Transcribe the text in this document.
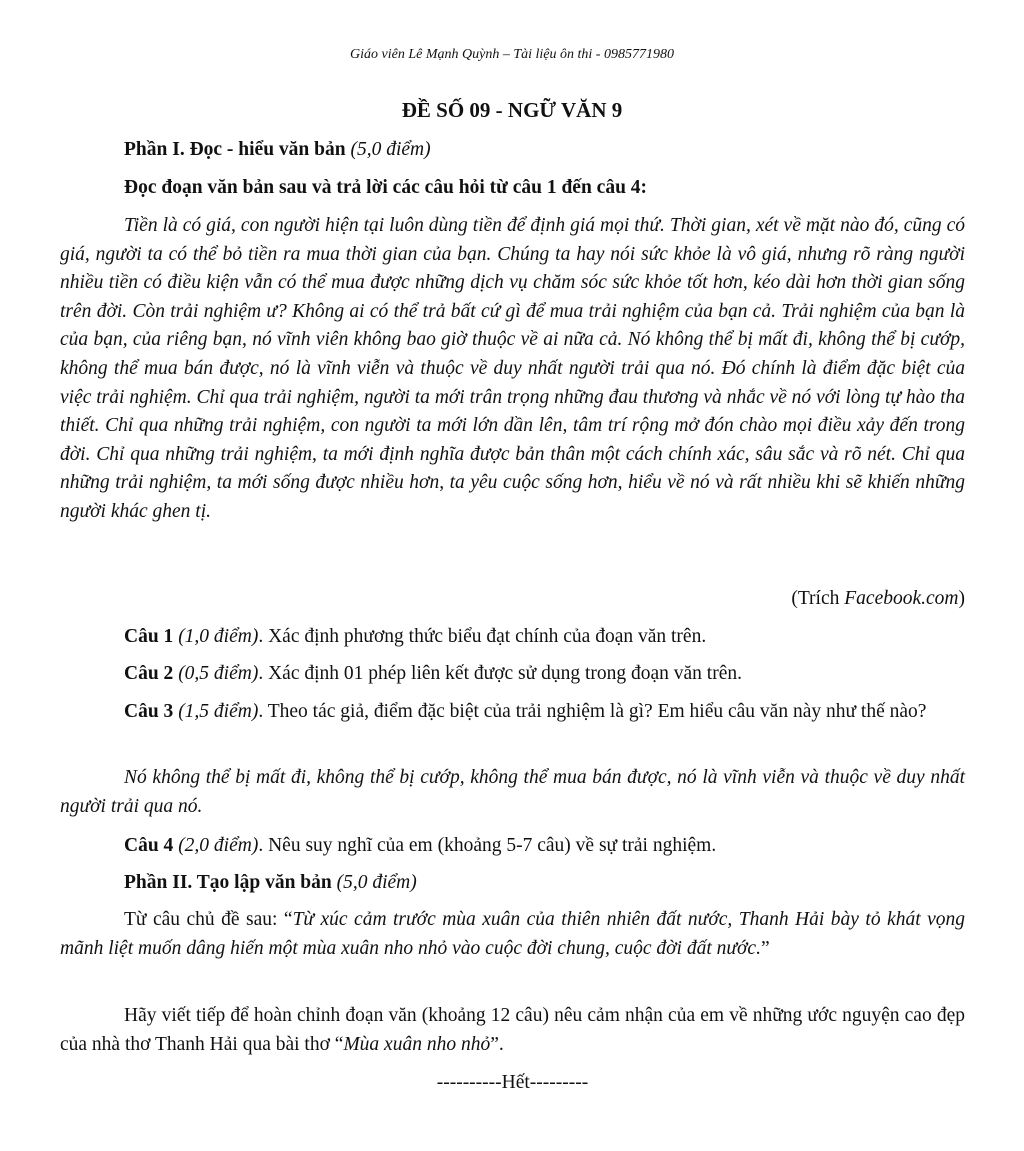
Giáo viên Lê Mạnh Quỳnh – Tài liệu ôn thi - 0985771980
ĐỀ SỐ 09 - NGỮ VĂN 9
Phần I. Đọc - hiểu văn bản (5,0 điểm)
Đọc đoạn văn bản sau và trả lời các câu hỏi từ câu 1 đến câu 4:
Tiền là có giá, con người hiện tại luôn dùng tiền để định giá mọi thứ. Thời gian, xét về mặt nào đó, cũng có giá, người ta có thể bỏ tiền ra mua thời gian của bạn. Chúng ta hay nói sức khỏe là vô giá, nhưng rõ ràng người nhiều tiền có điều kiện vẫn có thể mua được những dịch vụ chăm sóc sức khỏe tốt hơn, kéo dài hơn thời gian sống trên đời. Còn trải nghiệm ư? Không ai có thể trả bất cứ gì để mua trải nghiệm của bạn cả. Trải nghiệm của bạn là của bạn, của riêng bạn, nó vĩnh viên không bao giờ thuộc về ai nữa cả. Nó không thể bị mất đi, không thể bị cướp, không thể mua bán được, nó là vĩnh viễn và thuộc về duy nhất người trải qua nó. Đó chính là điểm đặc biệt của việc trải nghiệm. Chỉ qua trải nghiệm, người ta mới trân trọng những đau thương và nhắc về nó với lòng tự hào tha thiết. Chỉ qua những trải nghiệm, con người ta mới lớn dần lên, tâm trí rộng mở đón chào mọi điều xảy đến trong đời. Chỉ qua những trải nghiệm, ta mới định nghĩa được bản thân một cách chính xác, sâu sắc và rõ nét. Chỉ qua những trải nghiệm, ta mới sống được nhiều hơn, ta yêu cuộc sống hơn, hiểu về nó và rất nhiều khi sẽ khiến những người khác ghen tị.
(Trích Facebook.com)
Câu 1 (1,0 điểm). Xác định phương thức biểu đạt chính của đoạn văn trên.
Câu 2 (0,5 điểm). Xác định 01 phép liên kết được sử dụng trong đoạn văn trên.
Câu 3 (1,5 điểm). Theo tác giả, điểm đặc biệt của trải nghiệm là gì? Em hiểu câu văn này như thế nào?
Nó không thể bị mất đi, không thể bị cướp, không thể mua bán được, nó là vĩnh viễn và thuộc về duy nhất người trải qua nó.
Câu 4 (2,0 điểm). Nêu suy nghĩ của em (khoảng 5-7 câu) về sự trải nghiệm.
Phần II. Tạo lập văn bản (5,0 điểm)
Từ câu chủ đề sau: “Từ xúc cảm trước mùa xuân của thiên nhiên đất nước, Thanh Hải bày tỏ khát vọng mãnh liệt muốn dâng hiến một mùa xuân nho nhỏ vào cuộc đời chung, cuộc đời đất nước.”
Hãy viết tiếp để hoàn chỉnh đoạn văn (khoảng 12 câu) nêu cảm nhận của em về những ước nguyện cao đẹp của nhà thơ Thanh Hải qua bài thơ “Mùa xuân nho nhỏ”.
----------Hết---------
